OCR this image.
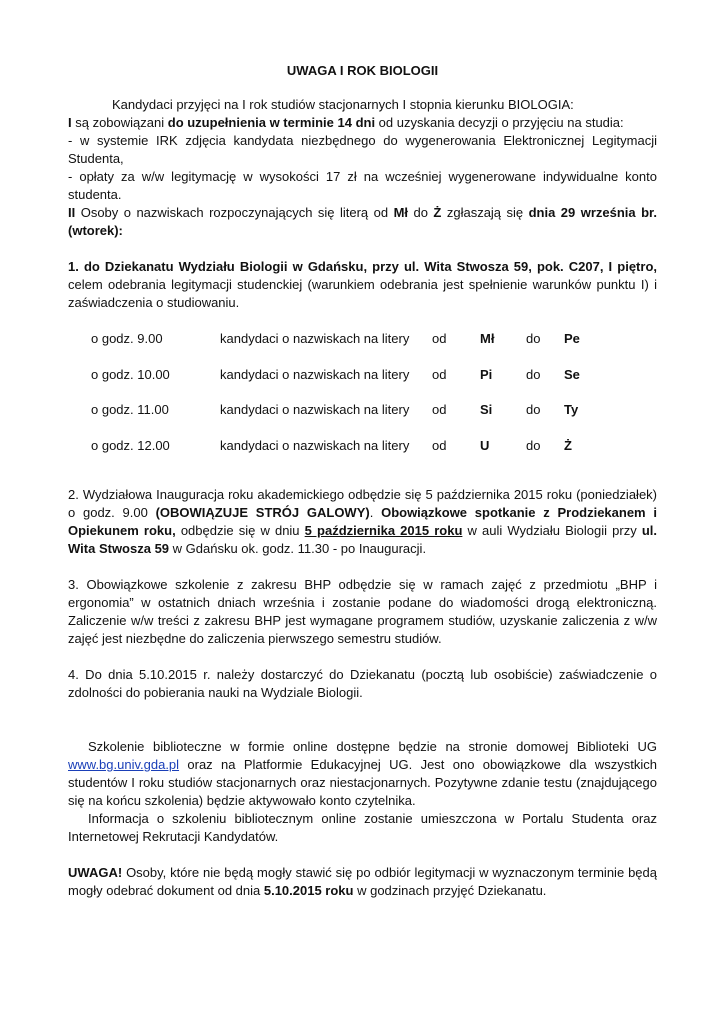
UWAGA I ROK BIOLOGII

Kandydaci przyjęci na I rok studiów stacjonarnych I stopnia kierunku BIOLOGIA:

I są zobowiązani do uzupełnienia w terminie 14 dni od uzyskania decyzji o przyjęciu na studia:

- w systemie IRK zdjęcia kandydata niezbędnego do wygenerowania Elektronicznej Legitymacji Studenta,

- opłaty za w/w legitymację w wysokości 17 zł na wcześniej wygenerowane indywidualne konto studenta.

II Osoby o nazwiskach rozpoczynających się literą od Mł do Ż zgłaszają się dnia 29 września br. (wtorek):

1. do Dziekanatu Wydziału Biologii w Gdańsku, przy ul. Wita Stwosza 59, pok. C207, I piętro, celem odebrania legitymacji studenckiej (warunkiem odebrania jest spełnienie warunków punktu I) i zaświadczenia o studiowaniu.

o godz. 9.00	kandydaci o nazwiskach na litery	od	Mł	do	Pe
o godz. 10.00	kandydaci o nazwiskach na litery	od	Pi	do	Se
o godz. 11.00	kandydaci o nazwiskach na litery	od	Si	do	Ty
o godz. 12.00	kandydaci o nazwiskach na litery	od	U	do	Ż

2. Wydziałowa Inauguracja roku akademickiego odbędzie się 5 października 2015 roku (poniedziałek) o godz. 9.00 (OBOWIĄZUJE STRÓJ GALOWY). Obowiązkowe spotkanie z Prodziekanem i Opiekunem roku, odbędzie się w dniu 5 października 2015 roku w auli Wydziału Biologii przy ul. Wita Stwosza 59 w Gdańsku ok. godz. 11.30 - po Inauguracji.

3. Obowiązkowe szkolenie z zakresu BHP odbędzie się w ramach zajęć z przedmiotu „BHP i ergonomia” w ostatnich dniach września i zostanie podane do wiadomości drogą elektroniczną. Zaliczenie w/w treści z zakresu BHP jest wymagane programem studiów, uzyskanie zaliczenia z w/w zajęć jest niezbędne do zaliczenia pierwszego semestru studiów.

4. Do dnia 5.10.2015 r. należy dostarczyć do Dziekanatu (pocztą lub osobiście) zaświadczenie o zdolności do pobierania nauki na Wydziale Biologii.

Szkolenie biblioteczne w formie online dostępne będzie na stronie domowej Biblioteki UG www.bg.univ.gda.pl oraz na Platformie Edukacyjnej UG. Jest ono obowiązkowe dla wszystkich studentów I roku studiów stacjonarnych oraz niestacjonarnych. Pozytywne zdanie testu (znajdującego się na końcu szkolenia) będzie aktywowało konto czytelnika.

Informacja o szkoleniu bibliotecznym online zostanie umieszczona w Portalu Studenta oraz Internetowej Rekrutacji Kandydatów.

UWAGA! Osoby, które nie będą mogły stawić się po odbiór legitymacji w wyznaczonym terminie będą mogły odebrać dokument od dnia 5.10.2015 roku w godzinach przyjęć Dziekanatu.
